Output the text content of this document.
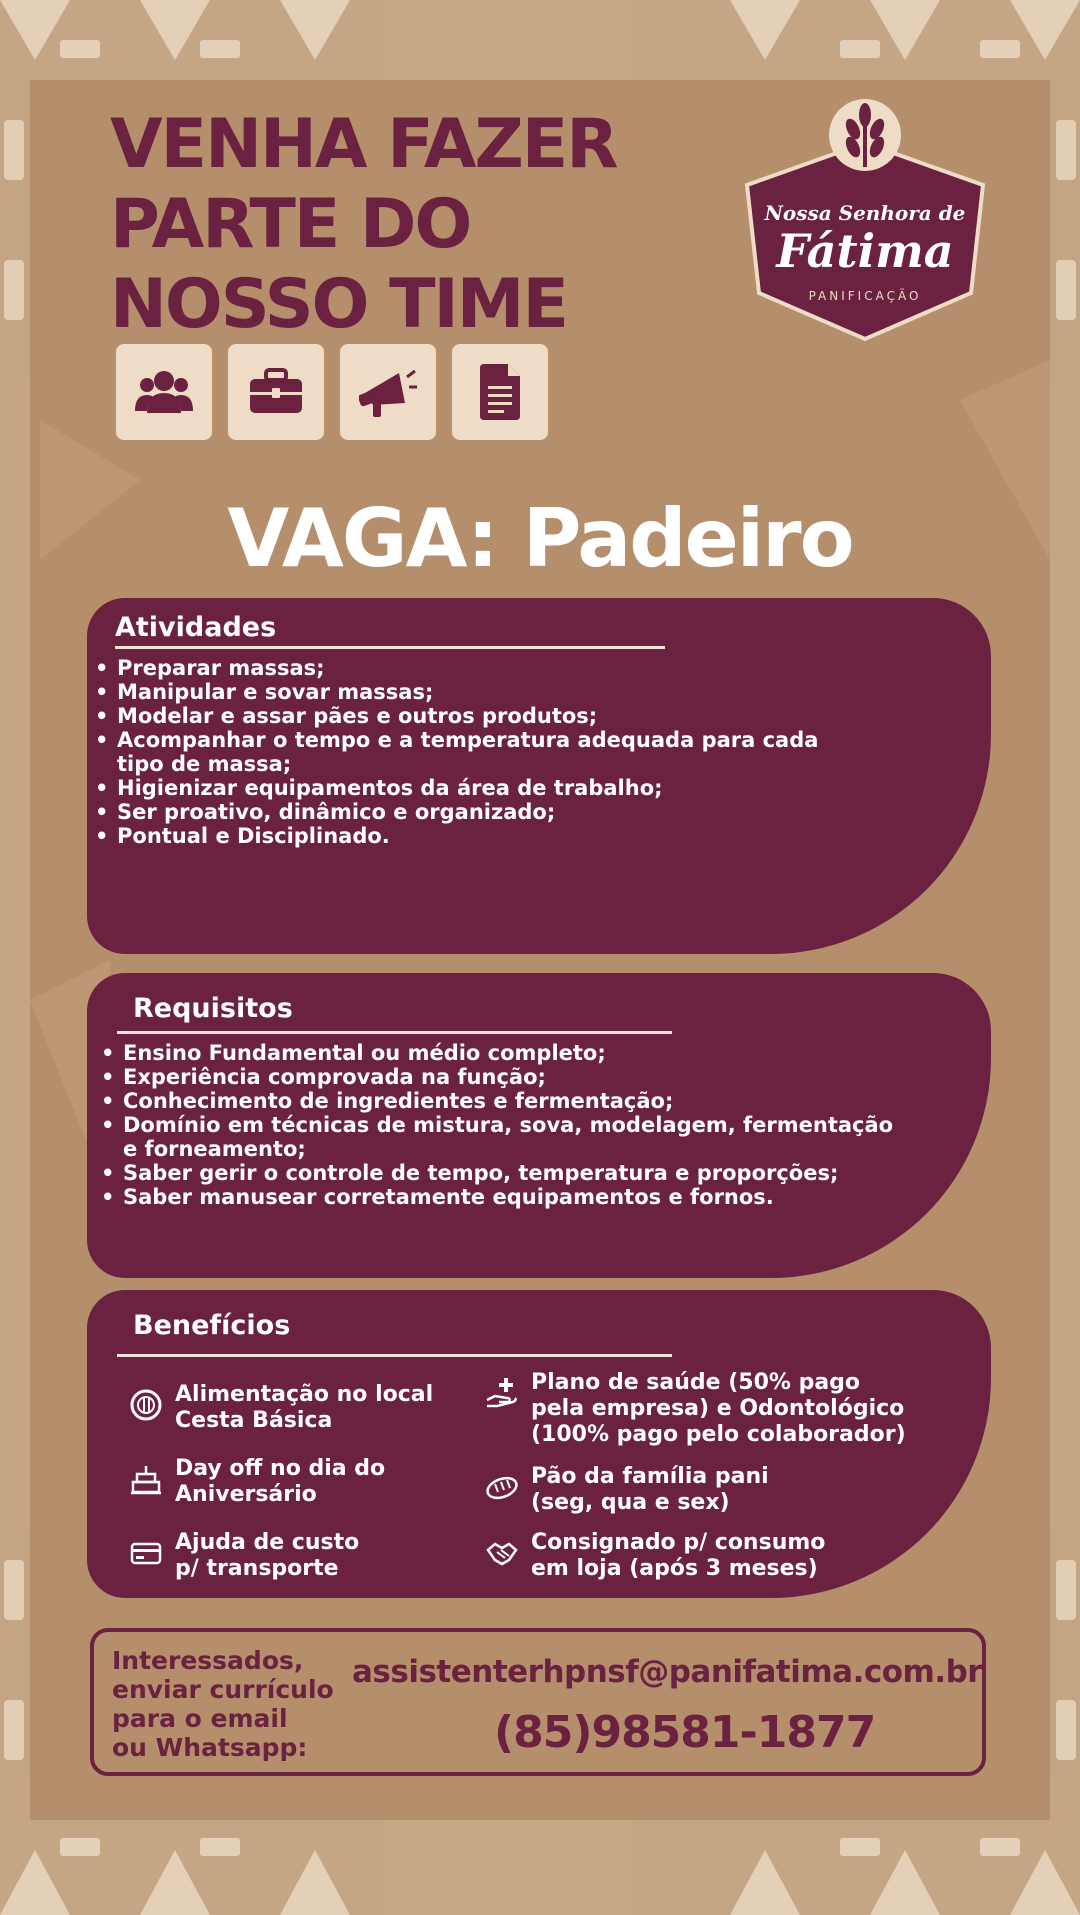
VENHA FAZER
PARTE DO
NOSSO TIME
Nossa Senhora de
Fátima
PANIFICAÇÃO
VAGA: Padeiro
Atividades
• Preparar massas;
• Manipular e sovar massas;
• Modelar e assar pães e outros produtos;
• Acompanhar o tempo e a temperatura adequada para cada tipo de massa;
• Higienizar equipamentos da área de trabalho;
• Ser proativo, dinâmico e organizado;
• Pontual e Disciplinado.
Requisitos
• Ensino Fundamental ou médio completo;
• Experiência comprovada na função;
• Conhecimento de ingredientes e fermentação;
• Domínio em técnicas de mistura, sova, modelagem, fermentação e forneamento;
• Saber gerir o controle de tempo, temperatura e proporções;
• Saber manusear corretamente equipamentos e fornos.
Benefícios
Alimentação no local
Cesta Básica
Plano de saúde (50% pago
pela empresa) e Odontológico
(100% pago pelo colaborador)
Day off no dia do
Aniversário
Pão da família pani
(seg, qua e sex)
Ajuda de custo
p/ transporte
Consignado p/ consumo
em loja (após 3 meses)

Interessados,
enviar currículo
para o email
ou Whatsapp:

assistenterhpnsf@panifatima.com.br
(85)98581-1877
